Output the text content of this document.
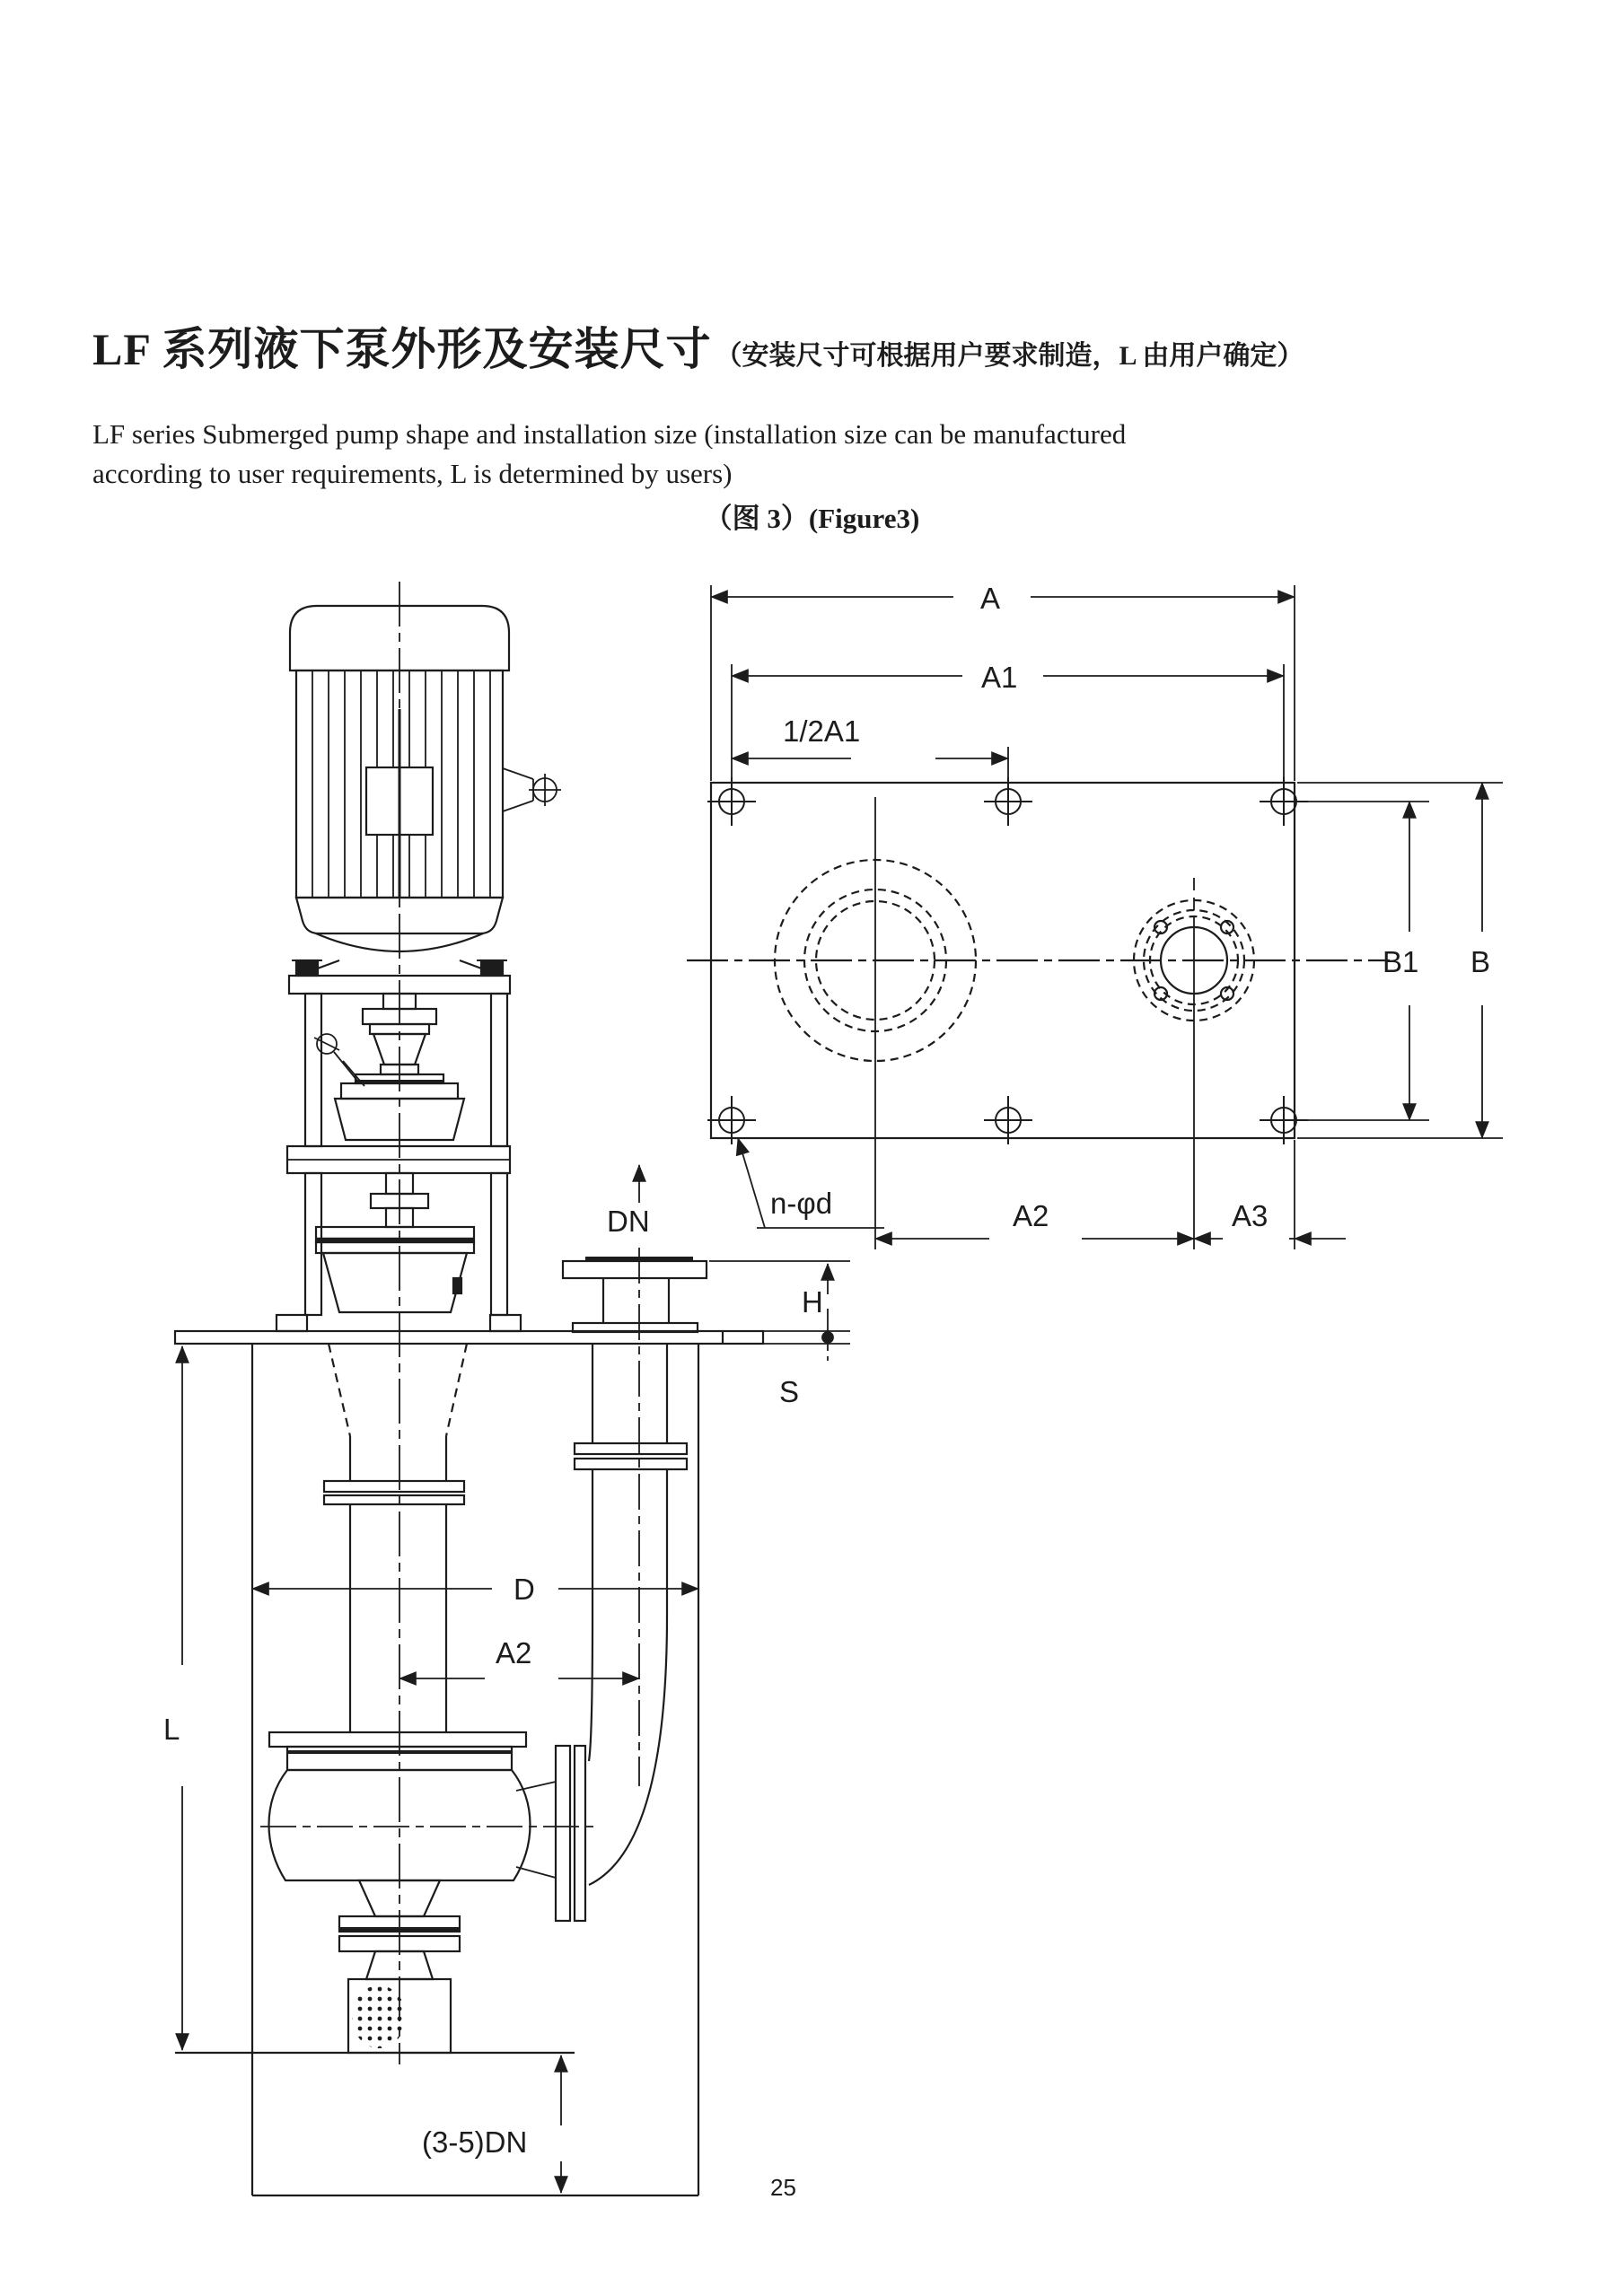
LF 系列液下泵外形及安装尺寸 （安装尺寸可根据用户要求制造，L 由用户确定）
LF series Submerged pump shape and installation size (installation size can be manufactured
according to user requirements, L is determined by users)
（图 3）(Figure3)
A
A1
1/2A1
A2	A3
n-φd
B1 B
DN
H
S
D
A2
L
(3-5)DN
25
